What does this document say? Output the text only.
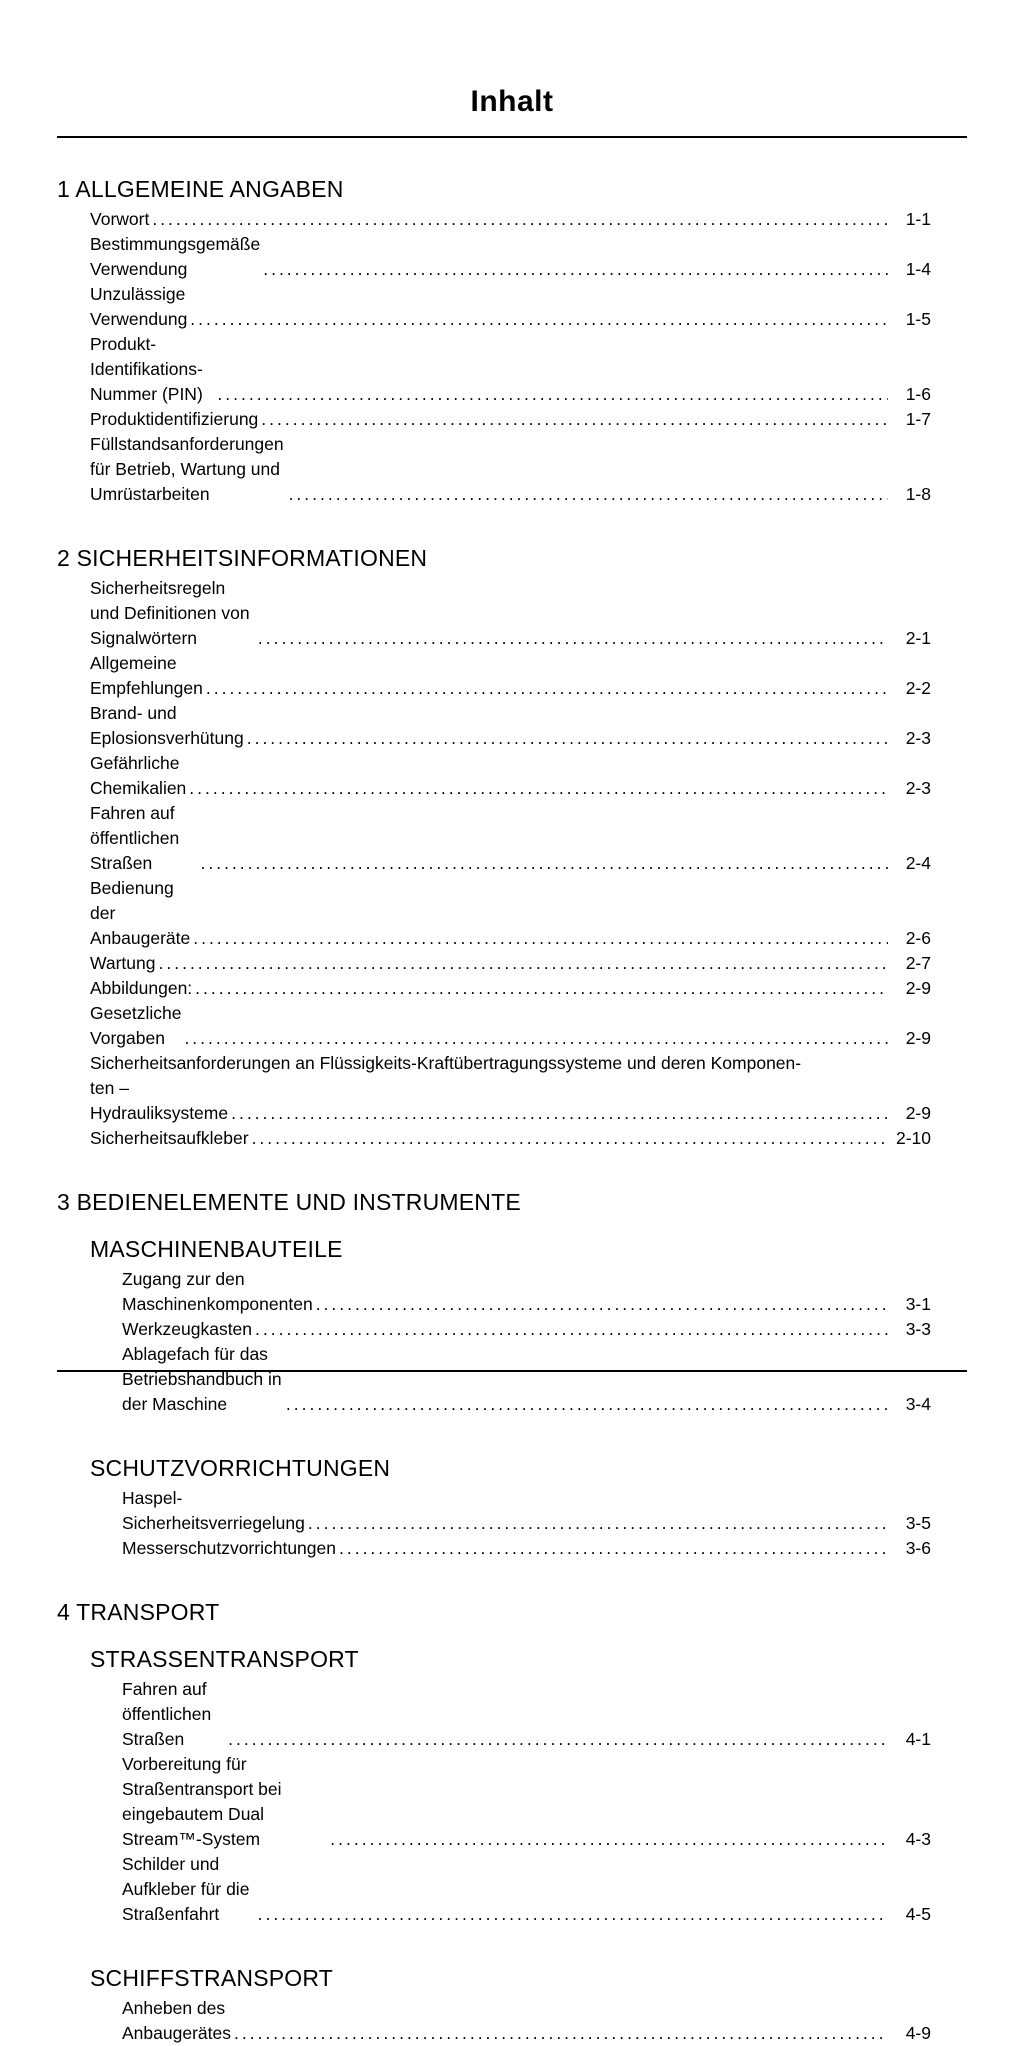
Inhalt
1 ALLGEMEINE ANGABEN
Vorwort .....	1-1
Bestimmungsgemäße Verwendung .....	1-4
Unzulässige Verwendung .....	1-5
Produkt-Identifikations-Nummer (PIN) .....	1-6
Produktidentifizierung .....	1-7
Füllstandsanforderungen für Betrieb, Wartung und Umrüstarbeiten .....	1-8
2 SICHERHEITSINFORMATIONEN
Sicherheitsregeln und Definitionen von Signalwörtern .....	2-1
Allgemeine Empfehlungen .....	2-2
Brand- und Eplosionsverhütung .....	2-3
Gefährliche Chemikalien .....	2-3
Fahren auf öffentlichen Straßen .....	2-4
Bedienung der Anbaugeräte .....	2-6
Wartung .....	2-7
Abbildungen: .....	2-9
Gesetzliche Vorgaben .....	2-9
Sicherheitsanforderungen an Flüssigkeits-Kraftübertragungssysteme und deren Komponen-
ten – Hydrauliksysteme .....	2-9
Sicherheitsaufkleber .....	2-10
3 BEDIENELEMENTE UND INSTRUMENTE
MASCHINENBAUTEILE
Zugang zur den Maschinenkomponenten .....	3-1
Werkzeugkasten .....	3-3
Ablagefach für das Betriebshandbuch in der Maschine .....	3-4
SCHUTZVORRICHTUNGEN
Haspel-Sicherheitsverriegelung .....	3-5
Messerschutzvorrichtungen .....	3-6
4 TRANSPORT
STRASSENTRANSPORT
Fahren auf öffentlichen Straßen .....	4-1
Vorbereitung für Straßentransport bei eingebautem Dual Stream™-System .....	4-3
Schilder und Aufkleber für die Straßenfahrt .....	4-5
SCHIFFSTRANSPORT
Anheben des Anbaugerätes .....	4-9
